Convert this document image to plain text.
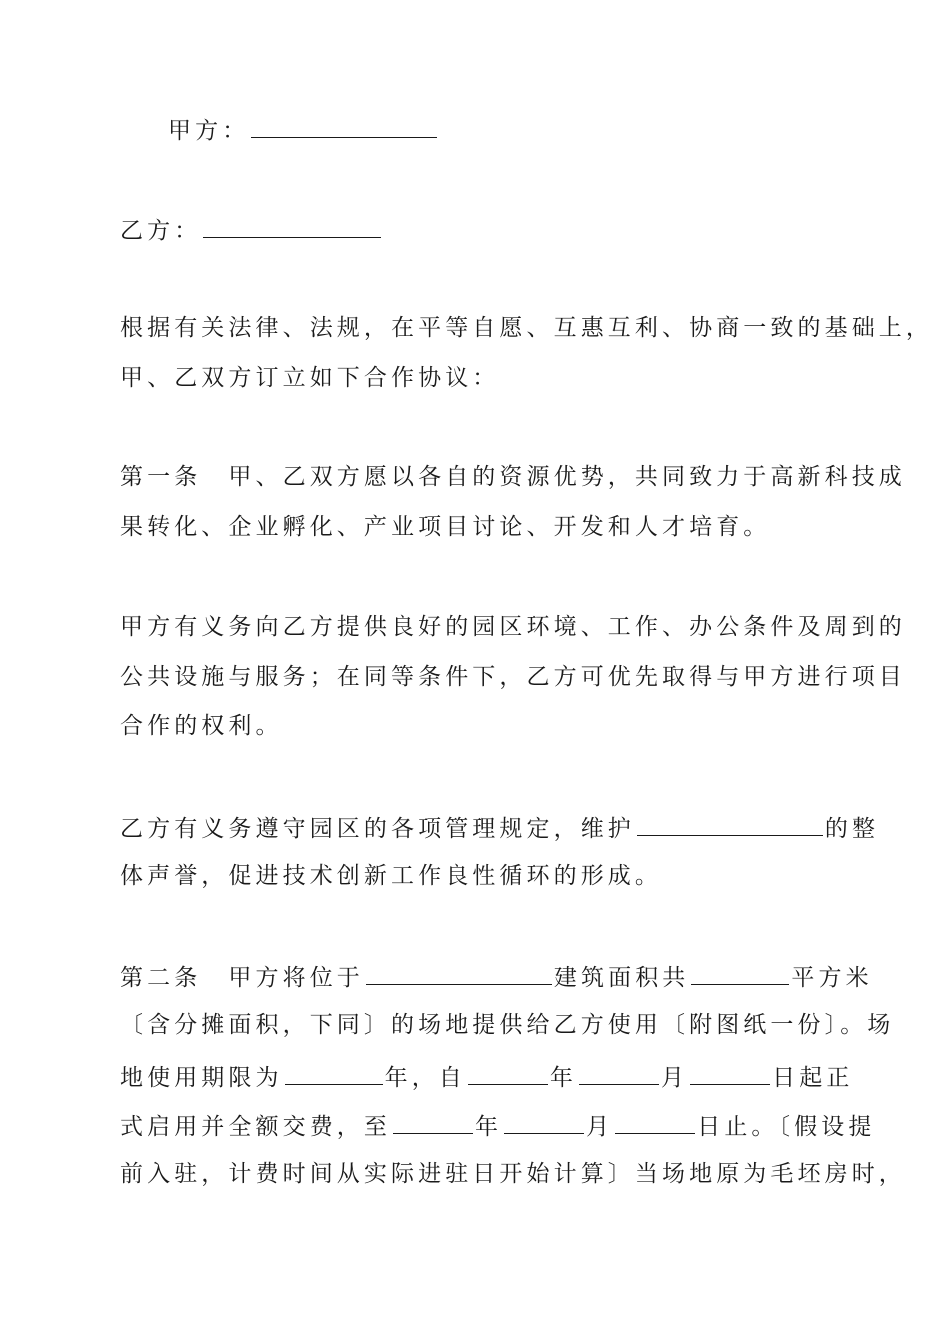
甲方：
乙方：
根据有关法律、法规，在平等自愿、互惠互利、协商一致的基础上，
甲、乙双方订立如下合作协议：
第一条　甲、乙双方愿以各自的资源优势，共同致力于高新科技成
果转化、企业孵化、产业项目讨论、开发和人才培育。
甲方有义务向乙方提供良好的园区环境、工作、办公条件及周到的
公共设施与服务；在同等条件下，乙方可优先取得与甲方进行项目
合作的权利。
乙方有义务遵守园区的各项管理规定，维护	的整
体声誉，促进技术创新工作良性循环的形成。
第二条　甲方将位于	建筑面积共	平方米
〔含分摊面积，下同〕的场地提供给乙方使用〔附图纸一份〕。场
地使用期限为	年，自	年	月	日起正
式启用并全额交费，至	年	月	日止。〔假设提
前入驻，计费时间从实际进驻日开始计算〕当场地原为毛坯房时，
